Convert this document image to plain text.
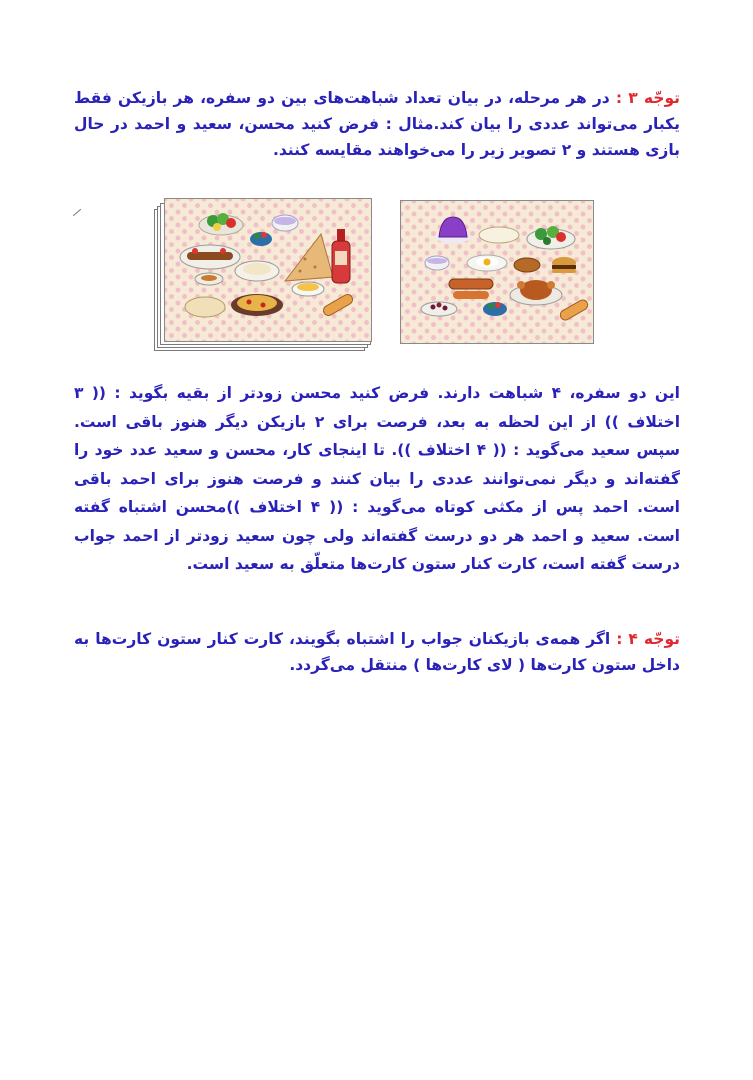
توجّه ۳ : در هر مرحله، در بیان تعداد شباهت‌های بین دو سفره، هر بازیکن فقط یکبار می‌تواند عددی را بیان کند.مثال : فرض کنید محسن، سعید و احمد در حال بازی هستند و ۲ تصویر زیر را می‌خواهند مقایسه کنند.
این دو سفره، ۴ شباهت دارند. فرض کنید محسن زودتر از بقیه بگوید : (( ۳ اختلاف )) از این لحظه به بعد، فرصت برای ۲ بازیکن دیگر هنوز باقی است. سپس سعید می‌گوید : (( ۴ اختلاف )). تا اینجای کار، محسن و سعید عدد خود را گفته‌اند و دیگر نمی‌توانند عددی را بیان کنند و فرصت هنوز برای احمد باقی است. احمد پس از مکثی کوتاه می‌گوید : (( ۴ اختلاف ))محسن اشتباه گفته است. سعید و احمد هر دو درست گفته‌اند ولی چون سعید زودتر از احمد جواب درست گفته است، کارت کنار ستون کارت‌ها متعلّق به سعید است.
توجّه ۴ : اگر همه‌ی بازیکنان جواب را اشتباه بگویند، کارت کنار ستون کارت‌ها به داخل ستون کارت‌ها ( لای کارت‌ها ) منتقل می‌گردد.
